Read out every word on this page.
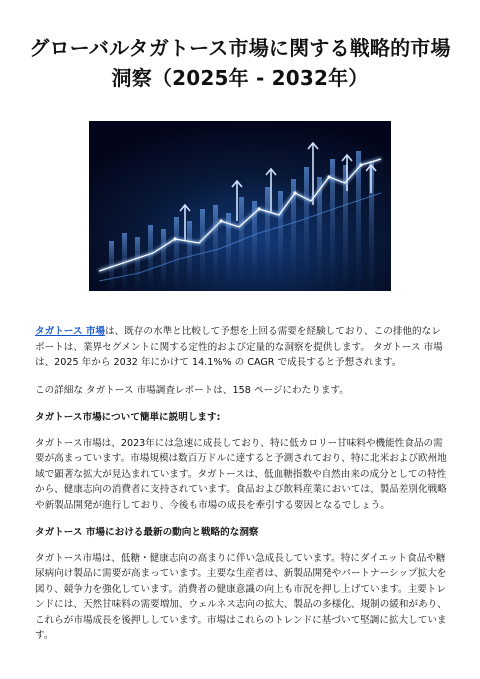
グローバルタガトース市場に関する戦略的市場
洞察（2025年 - 2032年）

タガトース 市場は、既存の水準と比較して予想を上回る需要を経験しており、この排他的なレポートは、業界セグメントに関する定性的および定量的な洞察を提供します。 タガトース 市場は、2025 年から 2032 年にかけて 14.1%% の CAGR で成長すると予想されます。

この詳細な タガトース 市場調査レポートは、158 ページにわたります。

タガトース市場について簡単に説明します:

タガトース市場は、2023年には急速に成長しており、特に低カロリー甘味料や機能性食品の需要が高まっています。市場規模は数百万ドルに達すると予測されており、特に北米および欧州地域で顕著な拡大が見込まれています。タガトースは、低血糖指数や自然由来の成分としての特性から、健康志向の消費者に支持されています。食品および飲料産業においては、製品差別化戦略や新製品開発が進行しており、今後も市場の成長を牽引する要因となるでしょう。

タガトース 市場における最新の動向と戦略的な洞察

タガトース市場は、低糖・健康志向の高まりに伴い急成長しています。特にダイエット食品や糖尿病向け製品に需要が高まっています。主要な生産者は、新製品開発やパートナーシップ拡大を図り、競争力を強化しています。消費者の健康意識の向上も市況を押し上げています。主要トレンドには、天然甘味料の需要増加、ウェルネス志向の拡大、製品の多様化、規制の緩和があり、これらが市場成長を後押ししています。市場はこれらのトレンドに基づいて堅調に拡大しています。
